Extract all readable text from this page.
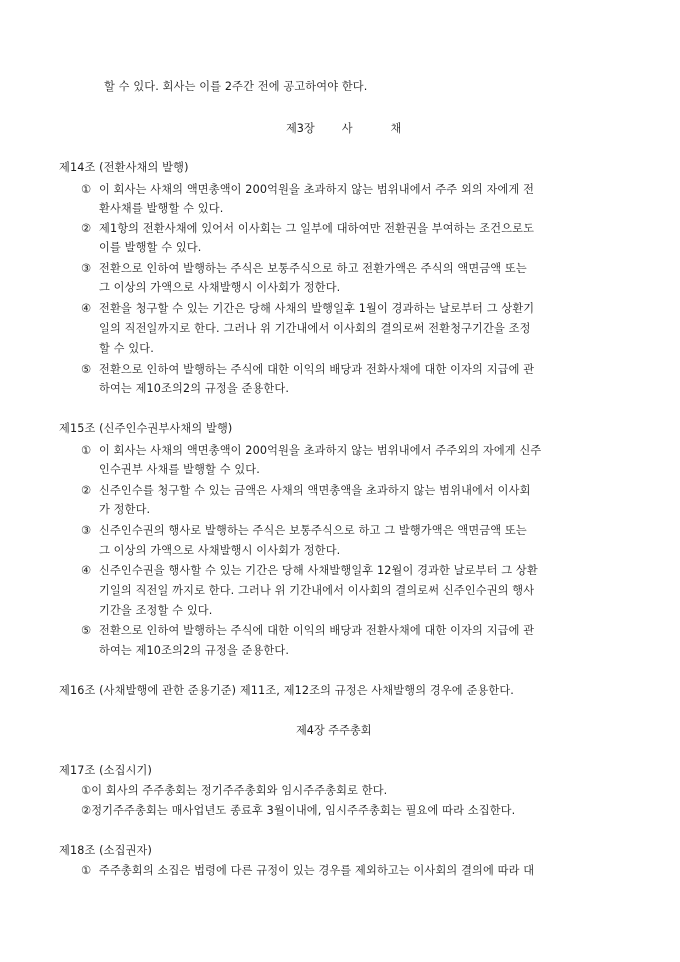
할 수 있다. 회사는 이를 2주간 전에 공고하여야 한다.
제3장 사	채
제14조 (전환사채의 발행)
① 이 회사는 사채의 액면총액이 200억원을 초과하지 않는 범위내에서 주주 외의 자에게 전
환사채를 발행할 수 있다.
② 제1항의 전환사채에 있어서 이사회는 그 일부에 대하여만 전환권을 부여하는 조건으로도
이를 발행할 수 있다.
③ 전환으로 인하여 발행하는 주식은 보통주식으로 하고 전환가액은 주식의 액면금액 또는
그 이상의 가액으로 사채발행시 이사회가 정한다.
④ 전환을 청구할 수 있는 기간은 당해 사채의 발행일후 1월이 경과하는 날로부터 그 상환기
일의 직전일까지로 한다. 그러나 위 기간내에서 이사회의 결의로써 전환청구기간을 조정
할 수 있다.
⑤ 전환으로 인하여 발행하는 주식에 대한 이익의 배당과 전화사채에 대한 이자의 지급에 관
하여는 제10조의2의 규정을 준용한다.
제15조 (신주인수권부사채의 발행)
① 이 회사는 사채의 액면총액이 200억원을 초과하지 않는 범위내에서 주주외의 자에게 신주
인수권부 사채를 발행할 수 있다.
② 신주인수를 청구할 수 있는 금액은 사채의 액면총액을 초과하지 않는 범위내에서 이사회
가 정한다.
③ 신주인수권의 행사로 발행하는 주식은 보통주식으로 하고 그 발행가액은 액면금액 또는
그 이상의 가액으로 사채발행시 이사회가 정한다.
④ 신주인수권을 행사할 수 있는 기간은 당해 사채발행일후 12월이 경과한 날로부터 그 상환
기일의 직전일 까지로 한다. 그러나 위 기간내에서 이사회의 결의로써 신주인수권의 행사
기간을 조정할 수 있다.
⑤ 전환으로 인하여 발행하는 주식에 대한 이익의 배당과 전환사채에 대한 이자의 지급에 관
하여는 제10조의2의 규정을 준용한다.
제16조 (사채발행에 관한 준용기준) 제11조, 제12조의 규정은 사채발행의 경우에 준용한다.
제4장 주주총회
제17조 (소집시기)
①이 회사의 주주총회는 정기주주총회와 임시주주총회로 한다.
②정기주주총회는 매사업년도 종료후 3월이내에, 임시주주총회는 필요에 따라 소집한다.
제18조 (소집권자)
① 주주총회의 소집은 법령에 다른 규정이 있는 경우를 제외하고는 이사회의 결의에 따라 대
